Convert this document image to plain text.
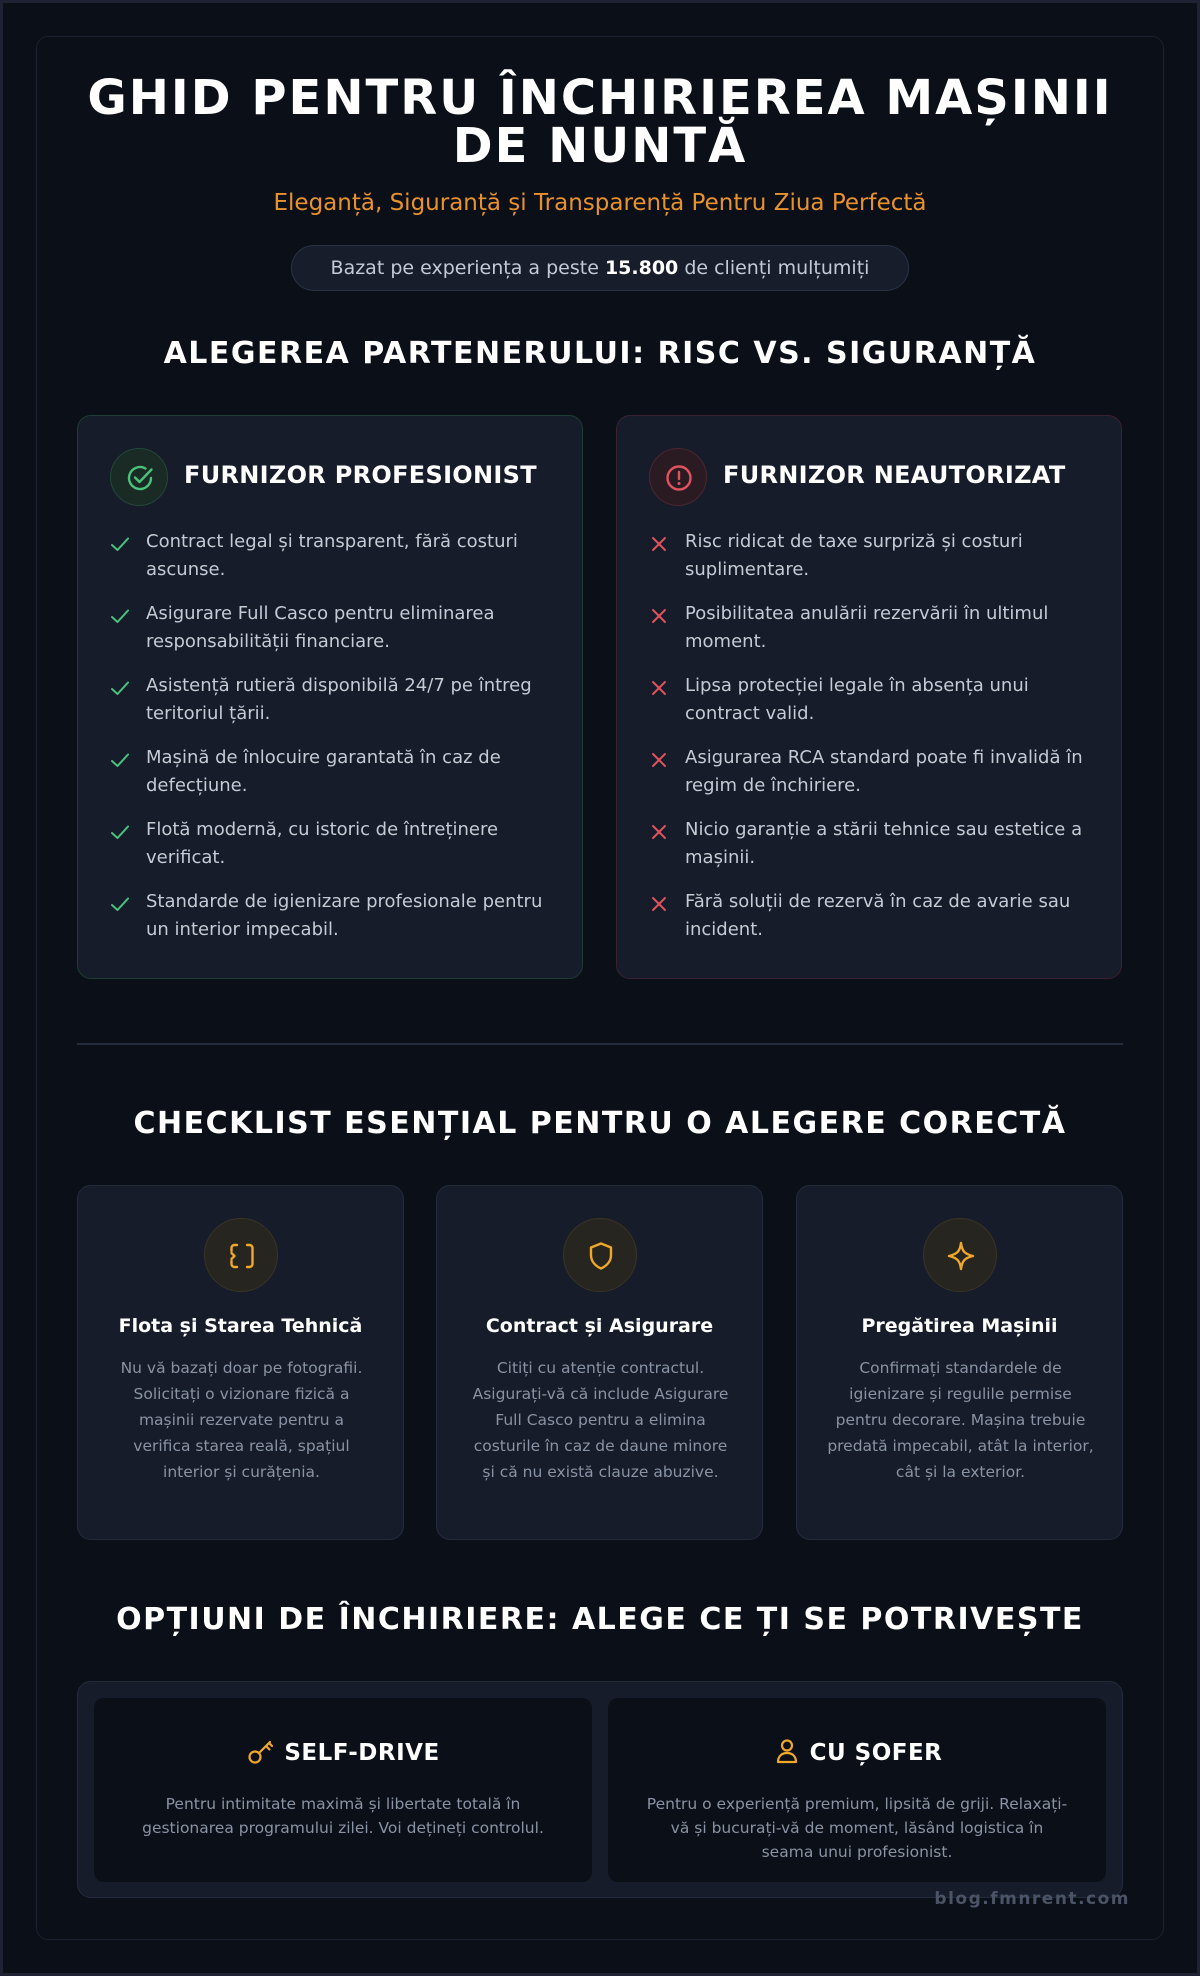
GHID PENTRU ÎNCHIRIEREA MAȘINII
DE NUNTĂ
Eleganță, Siguranță și Transparență Pentru Ziua Perfectă
Bazat pe experiența a peste 15.800 de clienți mulțumiți
ALEGEREA PARTENERULUI: RISC VS. SIGURANȚĂ
FURNIZOR PROFESIONIST
Contract legal și transparent, fără costuri ascunse.
Asigurare Full Casco pentru eliminarea responsabilității financiare.
Asistență rutieră disponibilă 24/7 pe întreg teritoriul țării.
Mașină de înlocuire garantată în caz de defecțiune.
Flotă modernă, cu istoric de întreținere verificat.
Standarde de igienizare profesionale pentru un interior impecabil.
FURNIZOR NEAUTORIZAT
Risc ridicat de taxe surpriză și costuri suplimentare.
Posibilitatea anulării rezervării în ultimul moment.
Lipsa protecției legale în absența unui contract valid.
Asigurarea RCA standard poate fi invalidă în regim de închiriere.
Nicio garanție a stării tehnice sau estetice a mașinii.
Fără soluții de rezervă în caz de avarie sau incident.
CHECKLIST ESENȚIAL PENTRU O ALEGERE CORECTĂ
Flota și Starea Tehnică
Nu vă bazați doar pe fotografii. Solicitați o vizionare fizică a mașinii rezervate pentru a verifica starea reală, spațiul interior și curățenia.
Contract și Asigurare
Citiți cu atenție contractul. Asigurați-vă că include Asigurare Full Casco pentru a elimina costurile în caz de daune minore și că nu există clauze abuzive.
Pregătirea Mașinii
Confirmați standardele de igienizare și regulile permise pentru decorare. Mașina trebuie predată impecabil, atât la interior, cât și la exterior.
OPȚIUNI DE ÎNCHIRIERE: ALEGE CE ȚI SE POTRIVEȘTE
SELF-DRIVE
Pentru intimitate maximă și libertate totală în gestionarea programului zilei. Voi dețineți controlul.
CU ȘOFER
Pentru o experiență premium, lipsită de griji. Relaxați-vă și bucurați-vă de moment, lăsând logistica în seama unui profesionist.
blog.fmnrent.com
